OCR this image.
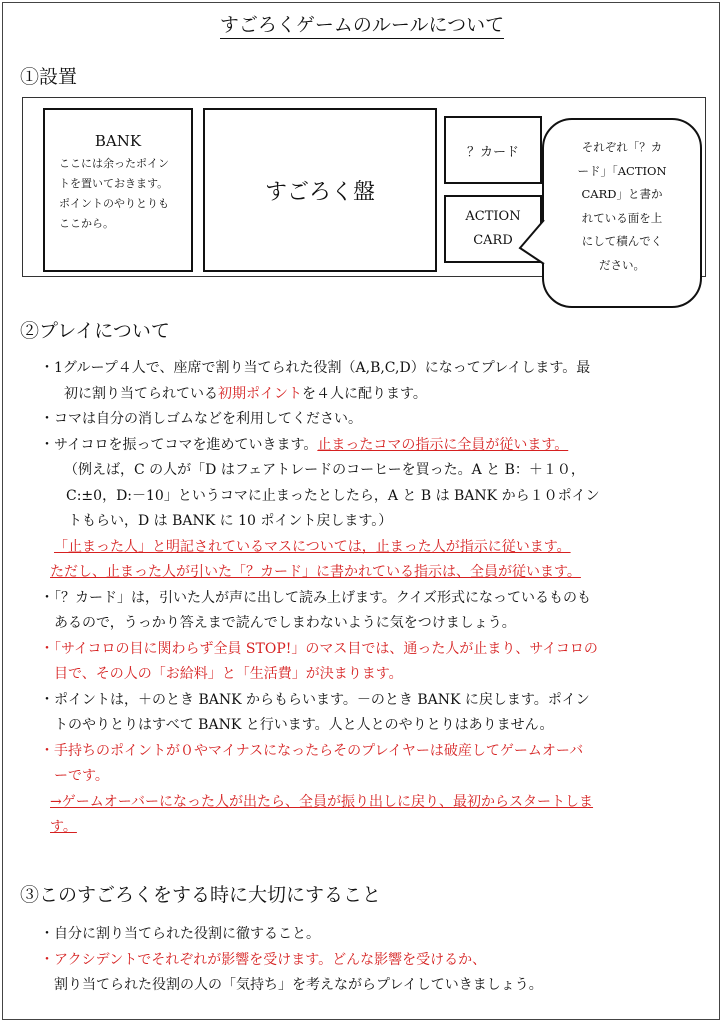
すごろくゲームのルールについて
①設置
BANK
ここには余ったポイントを置いておきます。ポイントのやりとりもここから。
すごろく盤
？カード
ACTION
CARD
それぞれ「？カ
ード」「ACTION
CARD」と書か
れている面を上
にして積んでく
ださい。
②プレイについて
・1グループ４人で、座席で割り当てられた役割（A,B,C,D）になってプレイします。最
初に割り当てられている初期ポイントを４人に配ります。
・コマは自分の消しゴムなどを利用してください。
・サイコロを振ってコマを進めていきます。止まったコマの指示に全員が従います。
（例えば，C の人が「D はフェアトレードのコーヒーを買った。A と B：＋１０，
C:±0，D:－10」というコマに止まったとしたら，A と B は BANK から１０ポイン
トもらい，D は BANK に 10 ポイント戻します。）
「止まった人」と明記されているマスについては，止まった人が指示に従います。
ただし、止まった人が引いた「？カード」に書かれている指示は、全員が従います。
・「？カード」は，引いた人が声に出して読み上げます。クイズ形式になっているものも
あるので，うっかり答えまで読んでしまわないように気をつけましょう。
・「サイコロの目に関わらず全員 STOP!」のマス目では、通った人が止まり、サイコロの
目で、その人の「お給料」と「生活費」が決まります。
・ポイントは，＋のとき BANK からもらいます。－のとき BANK に戻します。ポイン
トのやりとりはすべて BANK と行います。人と人とのやりとりはありません。
・手持ちのポイントが０やマイナスになったらそのプレイヤーは破産してゲームオーバ
ーです。
→ゲームオーバーになった人が出たら、全員が振り出しに戻り、最初からスタートしま
す。
③このすごろくをする時に大切にすること
・自分に割り当てられた役割に徹すること。
・アクシデントでそれぞれが影響を受けます。どんな影響を受けるか、
割り当てられた役割の人の「気持ち」を考えながらプレイしていきましょう。
